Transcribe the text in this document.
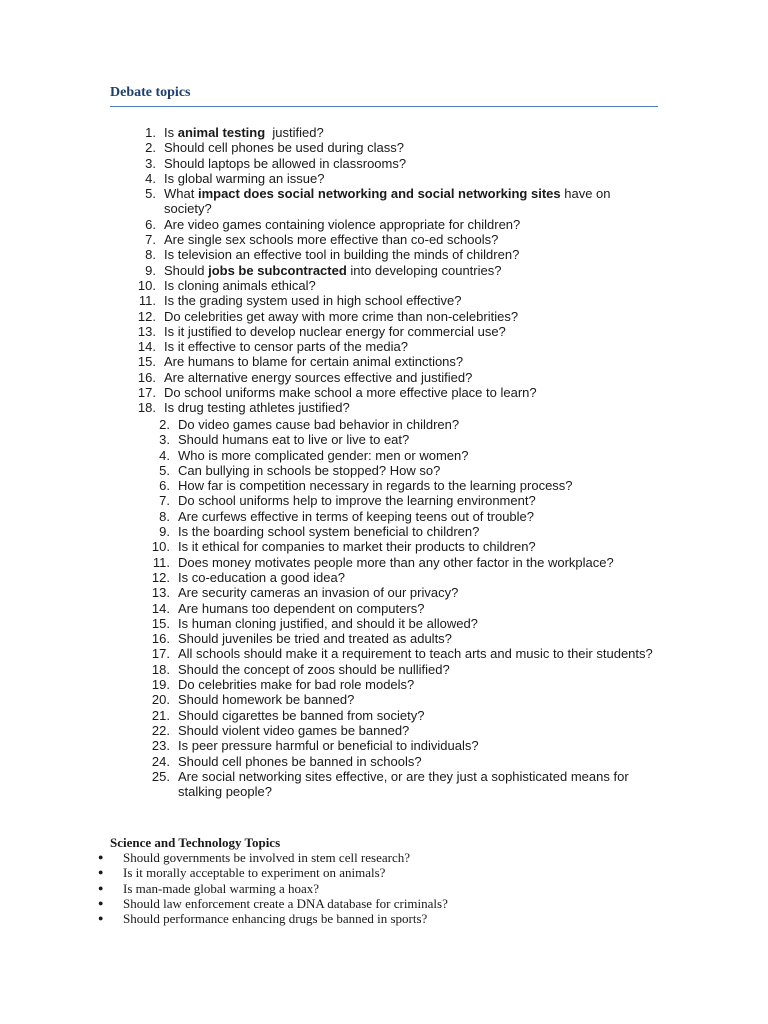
Debate topics
1. Is animal testing  justified?
2. Should cell phones be used during class?
3. Should laptops be allowed in classrooms?
4. Is global warming an issue?
5. What impact does social networking and social networking sites have on society?
6. Are video games containing violence appropriate for children?
7. Are single sex schools more effective than co-ed schools?
8. Is television an effective tool in building the minds of children?
9. Should jobs be subcontracted into developing countries?
10. Is cloning animals ethical?
11. Is the grading system used in high school effective?
12. Do celebrities get away with more crime than non-celebrities?
13. Is it justified to develop nuclear energy for commercial use?
14. Is it effective to censor parts of the media?
15. Are humans to blame for certain animal extinctions?
16. Are alternative energy sources effective and justified?
17. Do school uniforms make school a more effective place to learn?
18. Is drug testing athletes justified?
2. Do video games cause bad behavior in children?
3. Should humans eat to live or live to eat?
4. Who is more complicated gender: men or women?
5. Can bullying in schools be stopped? How so?
6. How far is competition necessary in regards to the learning process?
7. Do school uniforms help to improve the learning environment?
8. Are curfews effective in terms of keeping teens out of trouble?
9. Is the boarding school system beneficial to children?
10. Is it ethical for companies to market their products to children?
11. Does money motivates people more than any other factor in the workplace?
12. Is co-education a good idea?
13. Are security cameras an invasion of our privacy?
14. Are humans too dependent on computers?
15. Is human cloning justified, and should it be allowed?
16. Should juveniles be tried and treated as adults?
17. All schools should make it a requirement to teach arts and music to their students?
18. Should the concept of zoos should be nullified?
19. Do celebrities make for bad role models?
20. Should homework be banned?
21. Should cigarettes be banned from society?
22. Should violent video games be banned?
23. Is peer pressure harmful or beneficial to individuals?
24. Should cell phones be banned in schools?
25. Are social networking sites effective, or are they just a sophisticated means for stalking people?
Science and Technology Topics
●	Should governments be involved in stem cell research?
●	Is it morally acceptable to experiment on animals?
●	Is man-made global warming a hoax?
●	Should law enforcement create a DNA database for criminals?
●	Should performance enhancing drugs be banned in sports?
